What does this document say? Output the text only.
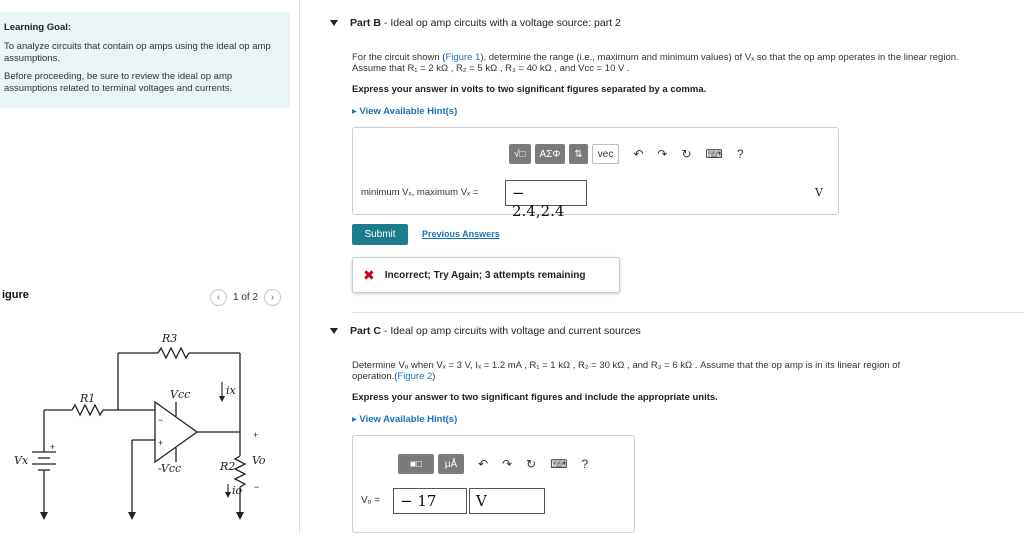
Learning Goal:

To analyze circuits that contain op amps using the ideal op amp assumptions.

Before proceeding, be sure to review the ideal op amp assumptions related to terminal voltages and currents.

igure	‹	1 of 2	›
R3
R1	Vcc
-Vcc
Vx
ix
R2 Vo
io
−
+
+
+
−
Part B - Ideal op amp circuits with a voltage source: part 2
For the circuit shown (Figure 1), determine the range (i.e., maximum and minimum values) of Vₓ so that the op amp operates in the linear region.
Assume that R₁ = 2 kΩ , R₂ = 5 kΩ , R₃ = 40 kΩ , and Vcc = 10 V .
Express your answer in volts to two significant figures separated by a comma.
▸ View Available Hint(s)
√□	ΑΣΦ	⇅	vec	↶ ↷ ↻ ⌨ ?
minimum Vₓ, maximum Vₓ =	− 2.4,2.4
V
Submit	Previous Answers
✖ Incorrect; Try Again; 3 attempts remaining
Part C - Ideal op amp circuits with voltage and current sources
Determine Vₒ when Vₓ = 3 V, Iₓ = 1.2 mA , R₁ = 1 kΩ , R₂ = 30 kΩ , and R₃ = 6 kΩ . Assume that the op amp is in its linear region of
operation.(Figure 2)
Express your answer to two significant figures and include the appropriate units.
▸ View Available Hint(s)
■□	μÅ	↶ ↷ ↻ ⌨ ?
Vₒ =	− 17	V
